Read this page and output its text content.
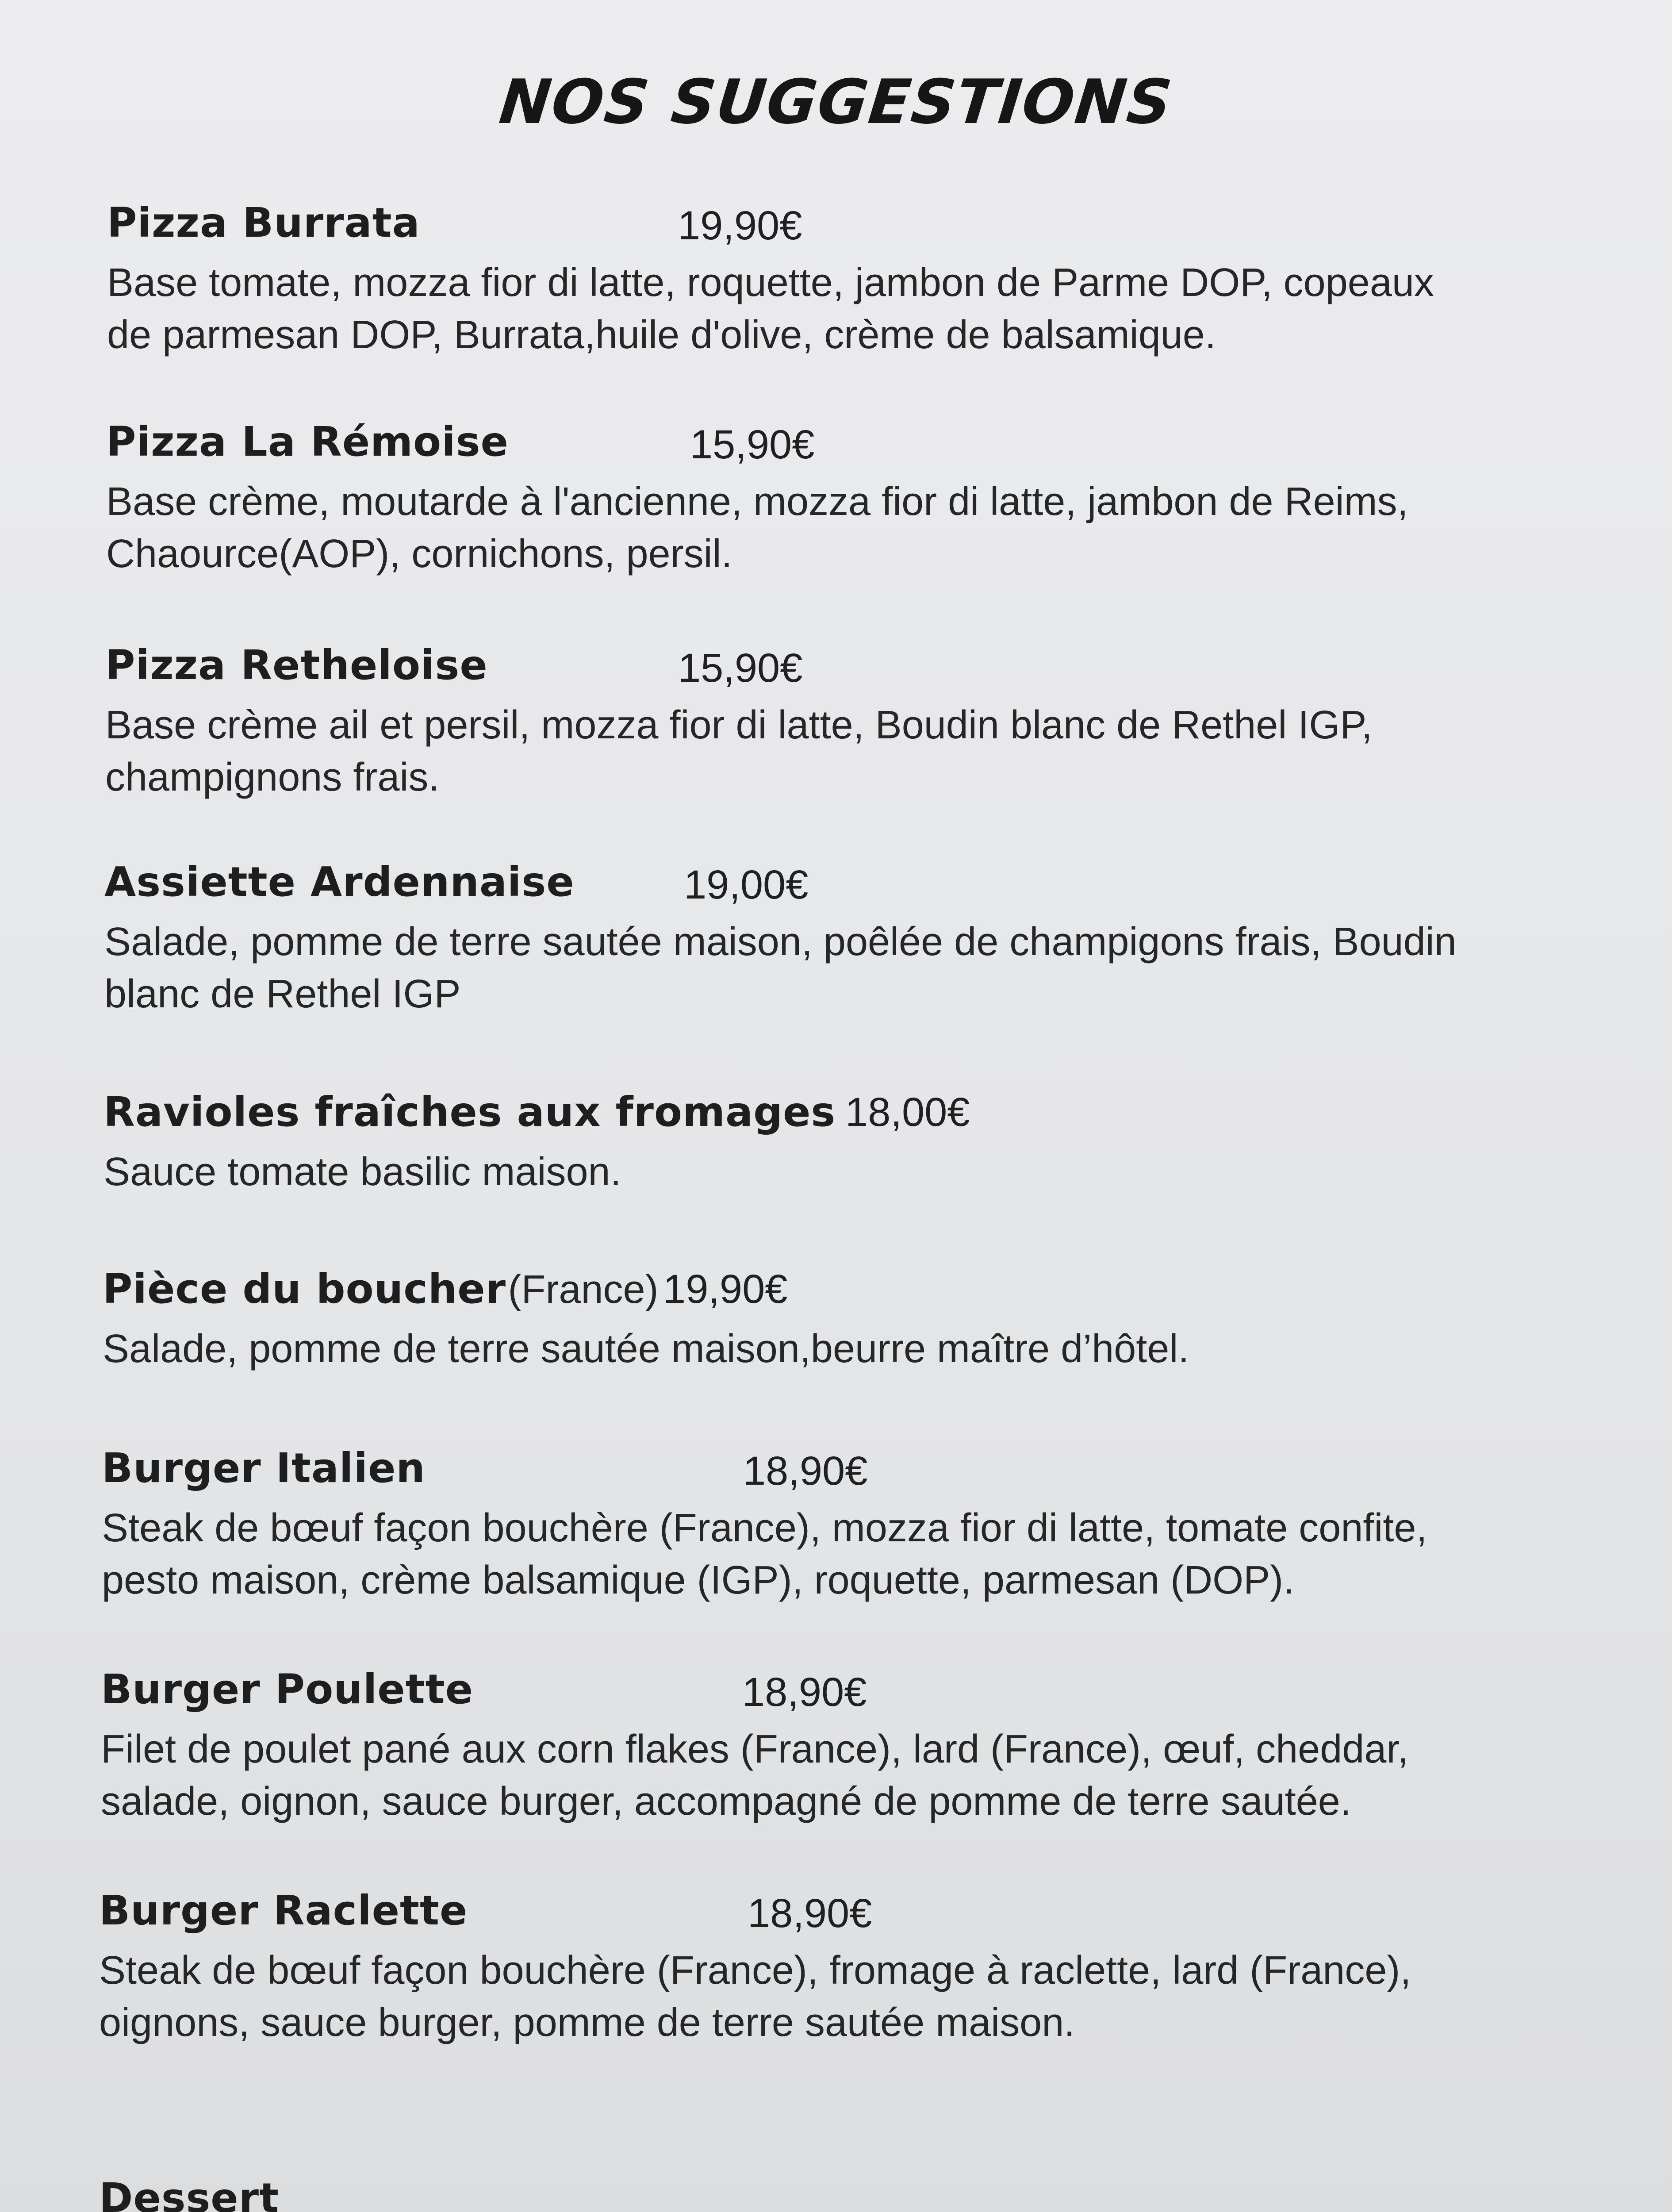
NOS SUGGESTIONS
Pizza Burrata	19,90€
Base tomate, mozza fior di latte, roquette, jambon de Parme DOP, copeaux
de parmesan DOP, Burrata,huile d'olive, crème de balsamique.
Pizza La Rémoise	15,90€
Base crème, moutarde à l'ancienne, mozza fior di latte, jambon de Reims,
Chaource(AOP), cornichons, persil.
Pizza Retheloise	15,90€
Base crème ail et persil, mozza fior di latte, Boudin blanc de Rethel IGP,
champignons frais.
Assiette Ardennaise	19,00€
Salade, pomme de terre sautée maison, poêlée de champigons frais, Boudin
blanc de Rethel IGP
Ravioles fraîches aux fromages 18,00€
Sauce tomate basilic maison.
Pièce du boucher (France) 19,90€
Salade, pomme de terre sautée maison,beurre maître d’hôtel.
Burger Italien	18,90€
Steak de bœuf façon bouchère (France), mozza fior di latte, tomate confite,
pesto maison, crème balsamique (IGP), roquette, parmesan (DOP).
Burger Poulette	18,90€
Filet de poulet pané aux corn flakes (France), lard (France), œuf, cheddar,
salade, oignon, sauce burger, accompagné de pomme de terre sautée.
Burger Raclette	18,90€
Steak de bœuf façon bouchère (France), fromage à raclette, lard (France),
oignons, sauce burger, pomme de terre sautée maison.
Dessert
